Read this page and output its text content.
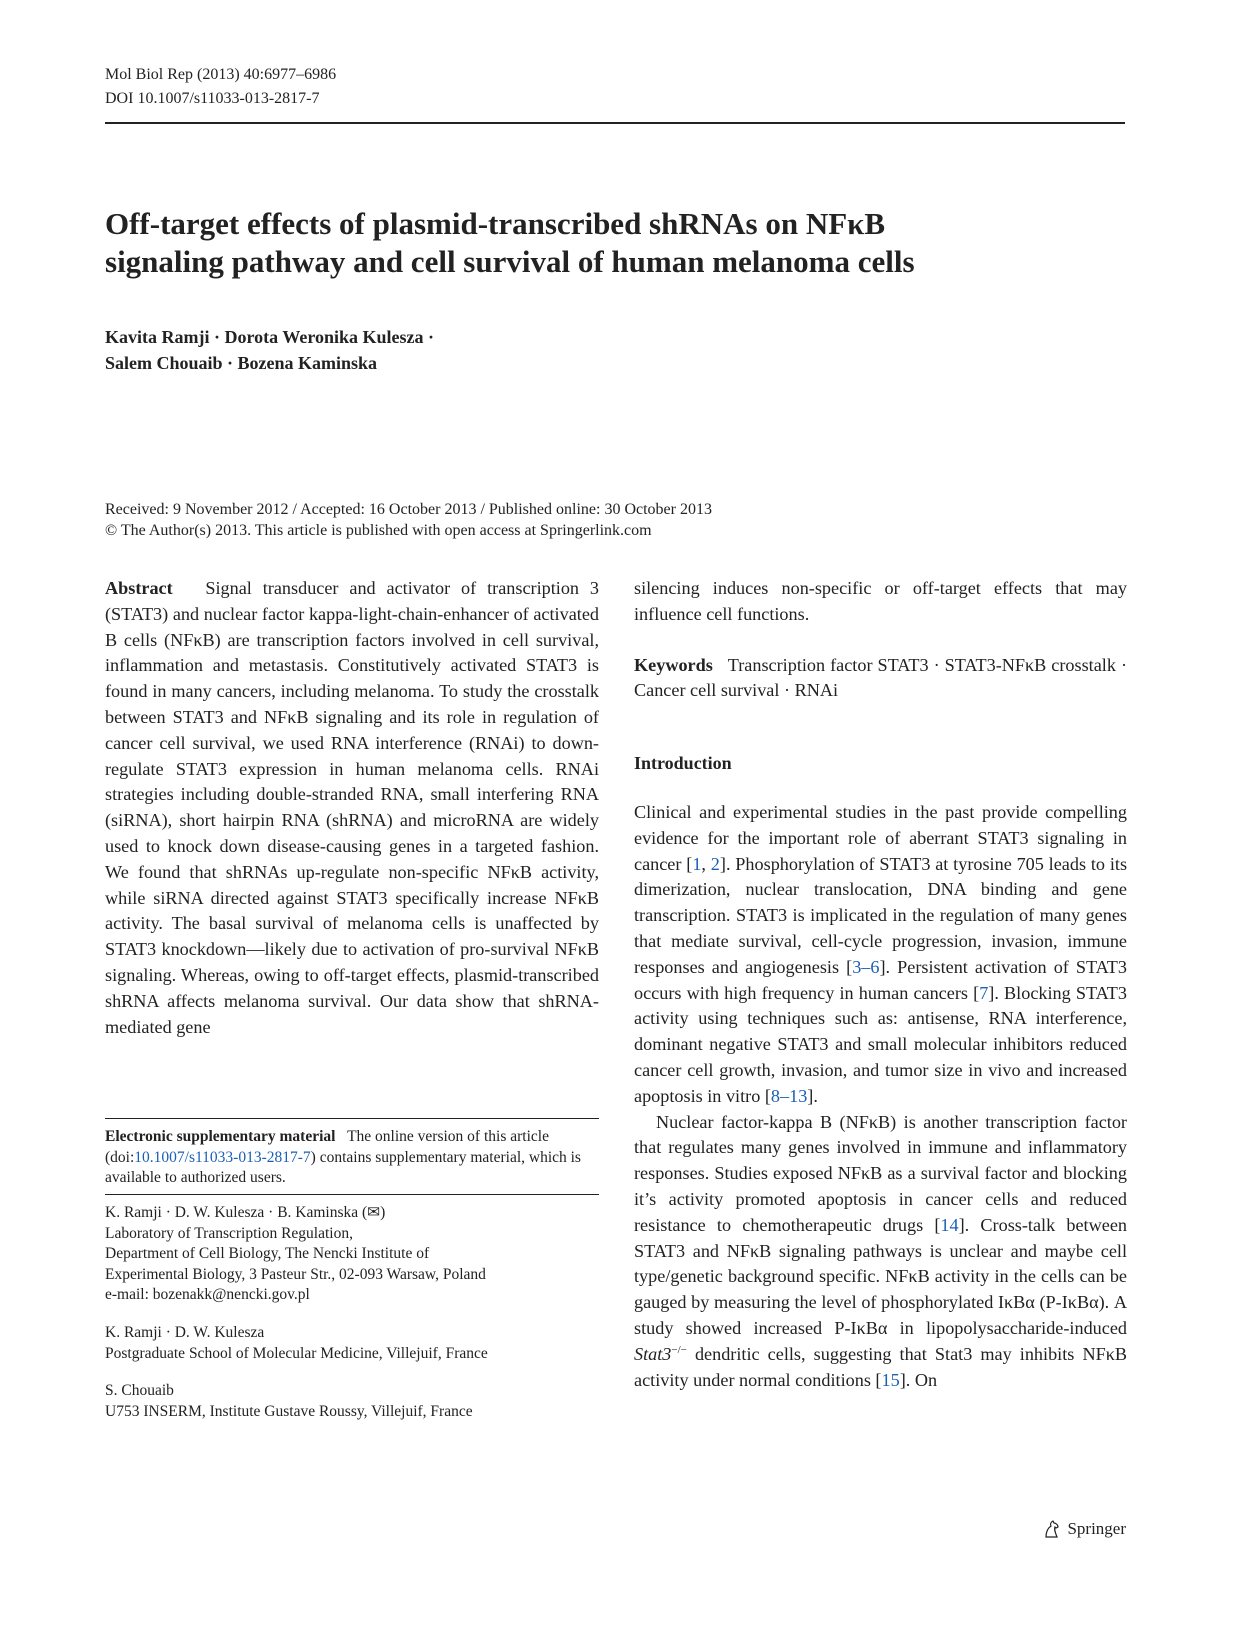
Mol Biol Rep (2013) 40:6977–6986
DOI 10.1007/s11033-013-2817-7
Off-target effects of plasmid-transcribed shRNAs on NFκB
signaling pathway and cell survival of human melanoma cells
Kavita Ramji · Dorota Weronika Kulesza ·
Salem Chouaib · Bozena Kaminska
Received: 9 November 2012 / Accepted: 16 October 2013 / Published online: 30 October 2013
© The Author(s) 2013. This article is published with open access at Springerlink.com

Abstract Signal transducer and activator of transcription 3 (STAT3) and nuclear factor kappa-light-chain-enhancer of activated B cells (NFκB) are transcription factors involved in cell survival, inflammation and metastasis. Constitutively activated STAT3 is found in many cancers, including melanoma. To study the crosstalk between STAT3 and NFκB signaling and its role in regulation of cancer cell survival, we used RNA interference (RNAi) to down-regulate STAT3 expression in human melanoma cells. RNAi strategies including double-stranded RNA, small interfering RNA (siRNA), short hairpin RNA (shRNA) and microRNA are widely used to knock down disease-causing genes in a targeted fashion. We found that shRNAs up-regulate non-specific NFκB activity, while siRNA directed against STAT3 specifically increase NFκB activity. The basal survival of melanoma cells is unaffected by STAT3 knockdown—likely due to activation of pro-survival NFκB signaling. Whereas, owing to off-target effects, plasmid-transcribed shRNA affects melanoma survival. Our data show that shRNA-mediated gene

Electronic supplementary material The online version of this article (doi:10.1007/s11033-013-2817-7) contains supplementary material, which is available to authorized users.

K. Ramji · D. W. Kulesza · B. Kaminska (✉)

Laboratory of Transcription Regulation,

Department of Cell Biology, The Nencki Institute of

Experimental Biology, 3 Pasteur Str., 02-093 Warsaw, Poland

e-mail: bozenakk@nencki.gov.pl

K. Ramji · D. W. Kulesza

Postgraduate School of Molecular Medicine, Villejuif, France

S. Chouaib

U753 INSERM, Institute Gustave Roussy, Villejuif, France

silencing induces non-specific or off-target effects that may influence cell functions.

Keywords Transcription factor STAT3 · STAT3-NFκB crosstalk · Cancer cell survival · RNAi

Introduction

Clinical and experimental studies in the past provide compelling evidence for the important role of aberrant STAT3 signaling in cancer [1, 2]. Phosphorylation of STAT3 at tyrosine 705 leads to its dimerization, nuclear translocation, DNA binding and gene transcription. STAT3 is implicated in the regulation of many genes that mediate survival, cell-cycle progression, invasion, immune responses and angiogenesis [3–6]. Persistent activation of STAT3 occurs with high frequency in human cancers [7]. Blocking STAT3 activity using techniques such as: antisense, RNA interference, dominant negative STAT3 and small molecular inhibitors reduced cancer cell growth, invasion, and tumor size in vivo and increased apoptosis in vitro [8–13].

Nuclear factor-kappa B (NFκB) is another transcription factor that regulates many genes involved in immune and inflammatory responses. Studies exposed NFκB as a survival factor and blocking it’s activity promoted apoptosis in cancer cells and reduced resistance to chemotherapeutic drugs [14]. Cross-talk between STAT3 and NFκB signaling pathways is unclear and maybe cell type/genetic background specific. NFκB activity in the cells can be gauged by measuring the level of phosphorylated IκBα (P-IκBα). A study showed increased P-IκBα in lipopolysaccharide-induced Stat3−/− dendritic cells, suggesting that Stat3 may inhibits NFκB activity under normal conditions [15]. On

Springer
